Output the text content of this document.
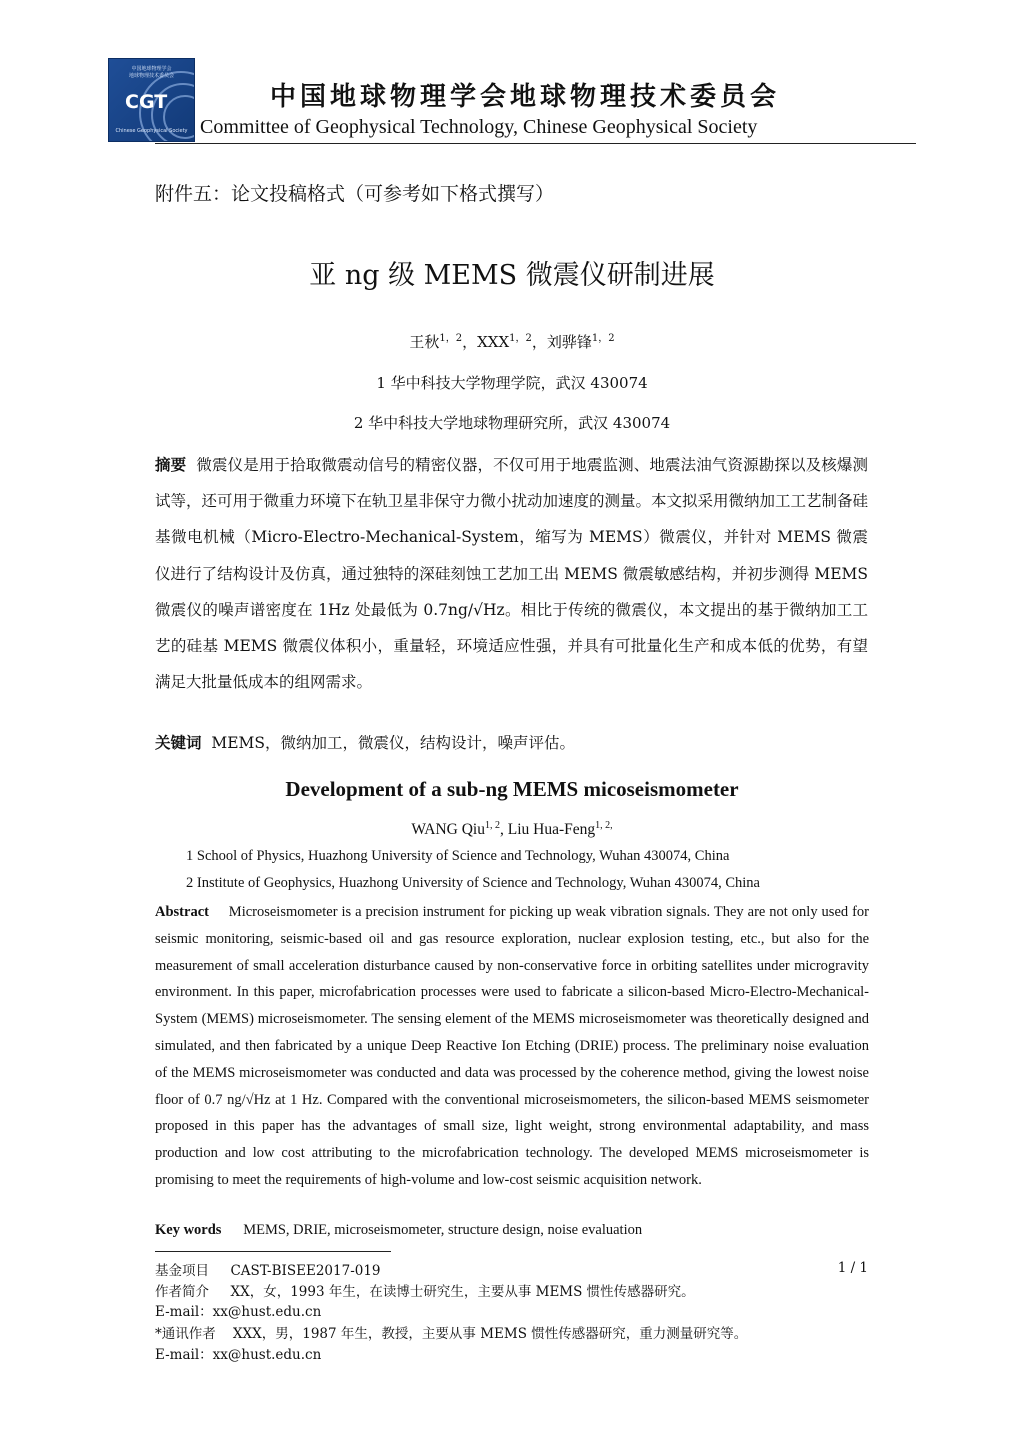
中国地球物理学会
地球物理技术委员会
CGT
Chinese Geophysical Society
中国地球物理学会地球物理技术委员会
Committee of Geophysical Technology, Chinese Geophysical Society
附件五：论文投稿格式（可参考如下格式撰写）
亚 ng 级 MEMS 微震仪研制进展
王秋$^{1,2}$，$XXX^{1,2}$，刘骅锋$^{1,2}$
1 华中科技大学物理学院，武汉 430074
2 华中科技大学地球物理研究所，武汉 430074
摘要 微震仪是用于拾取微震动信号的精密仪器，不仅可用于地震监测、地震法油气资源勘探以及核爆测试等，还可用于微重力环境下在轨卫星非保守力微小扰动加速度的测量。本文拟采用微纳加工工艺制备硅基微电机械（Micro-Electro-Mechanical-System，缩写为 MEMS）微震仪，并针对 MEMS 微震仪进行了结构设计及仿真，通过独特的深硅刻蚀工艺加工出 MEMS 微震敏感结构，并初步测得 MEMS 微震仪的噪声谱密度在 1Hz 处最低为 0.7ng/√Hz。相比于传统的微震仪，本文提出的基于微纳加工工艺的硅基 MEMS 微震仪体积小，重量轻，环境适应性强，并具有可批量化生产和成本低的优势，有望满足大批量低成本的组网需求。
关键词 MEMS，微纳加工，微震仪，结构设计，噪声评估。
Development of a sub-ng MEMS micoseismometer
WANG Qiu$^{1, 2}$, Liu Hua-Feng$^{1, 2,}$
1 School of Physics, Huazhong University of Science and Technology, Wuhan 430074, China
2 Institute of Geophysics, Huazhong University of Science and Technology, Wuhan 430074, China
Abstract Microseismometer is a precision instrument for picking up weak vibration signals. They are not only used for seismic monitoring, seismic-based oil and gas resource exploration, nuclear explosion testing, etc., but also for the measurement of small acceleration disturbance caused by non-conservative force in orbiting satellites under microgravity environment. In this paper, microfabrication processes were used to fabricate a silicon-based Micro-Electro-Mechanical-System (MEMS) microseismometer. The sensing element of the MEMS microseismometer was theoretically designed and simulated, and then fabricated by a unique Deep Reactive Ion Etching (DRIE) process. The preliminary noise evaluation of the MEMS microseismometer was conducted and data was processed by the coherence method, giving the lowest noise floor of 0.7 ng/√Hz at 1 Hz. Compared with the conventional microseismometers, the silicon-based MEMS seismometer proposed in this paper has the advantages of small size, light weight, strong environmental adaptability, and mass production and low cost attributing to the microfabrication technology. The developed MEMS microseismometer is promising to meet the requirements of high-volume and low-cost seismic acquisition network.
Key words MEMS, DRIE, microseismometer, structure design, noise evaluation
基金项目 CAST-BISEE2017-019	1 / 1
作者简介 XX，女，1993 年生，在读博士研究生，主要从事 MEMS 惯性传感器研究。
E-mail：xx@hust.edu.cn
*通讯作者 XXX，男，1987 年生，教授，主要从事 MEMS 惯性传感器研究，重力测量研究等。
E-mail：xx@hust.edu.cn
